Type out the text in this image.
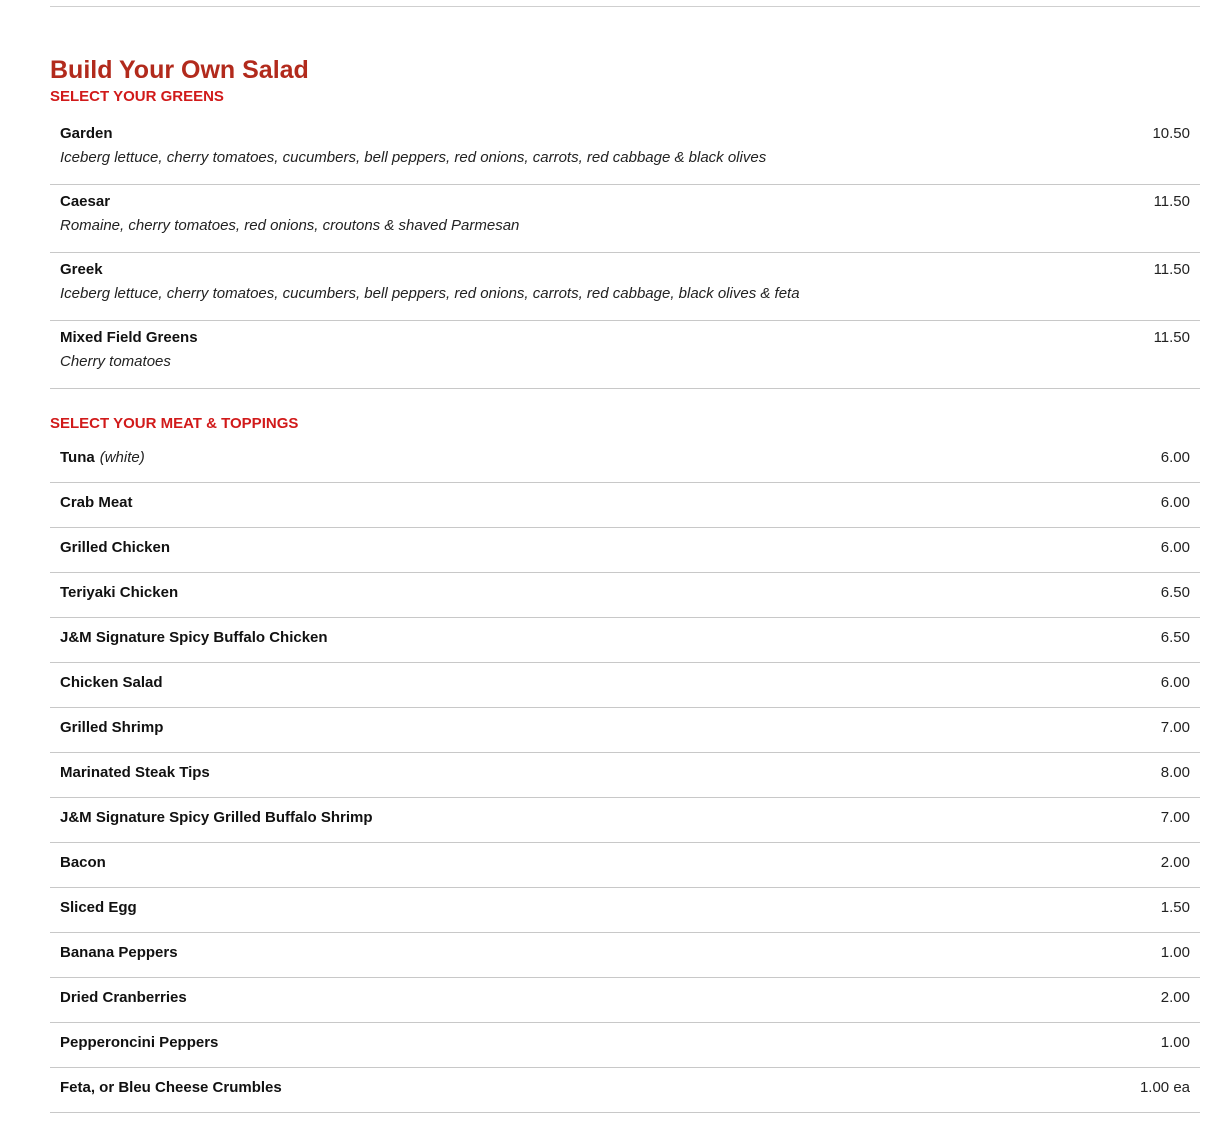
Build Your Own Salad
SELECT YOUR GREENS
Garden	10.50
Iceberg lettuce, cherry tomatoes, cucumbers, bell peppers, red onions, carrots, red cabbage & black olives
Caesar	11.50
Romaine, cherry tomatoes, red onions, croutons & shaved Parmesan
Greek	11.50
Iceberg lettuce, cherry tomatoes, cucumbers, bell peppers, red onions, carrots, red cabbage, black olives & feta
Mixed Field Greens	11.50
Cherry tomatoes
SELECT YOUR MEAT & TOPPINGS
Tuna (white)	6.00
Crab Meat	6.00
Grilled Chicken	6.00
Teriyaki Chicken	6.50
J&M Signature Spicy Buffalo Chicken	6.50
Chicken Salad	6.00
Grilled Shrimp	7.00
Marinated Steak Tips	8.00
J&M Signature Spicy Grilled Buffalo Shrimp	7.00
Bacon	2.00
Sliced Egg	1.50
Banana Peppers	1.00
Dried Cranberries	2.00
Pepperoncini Peppers	1.00
Feta, or Bleu Cheese Crumbles	1.00 ea
